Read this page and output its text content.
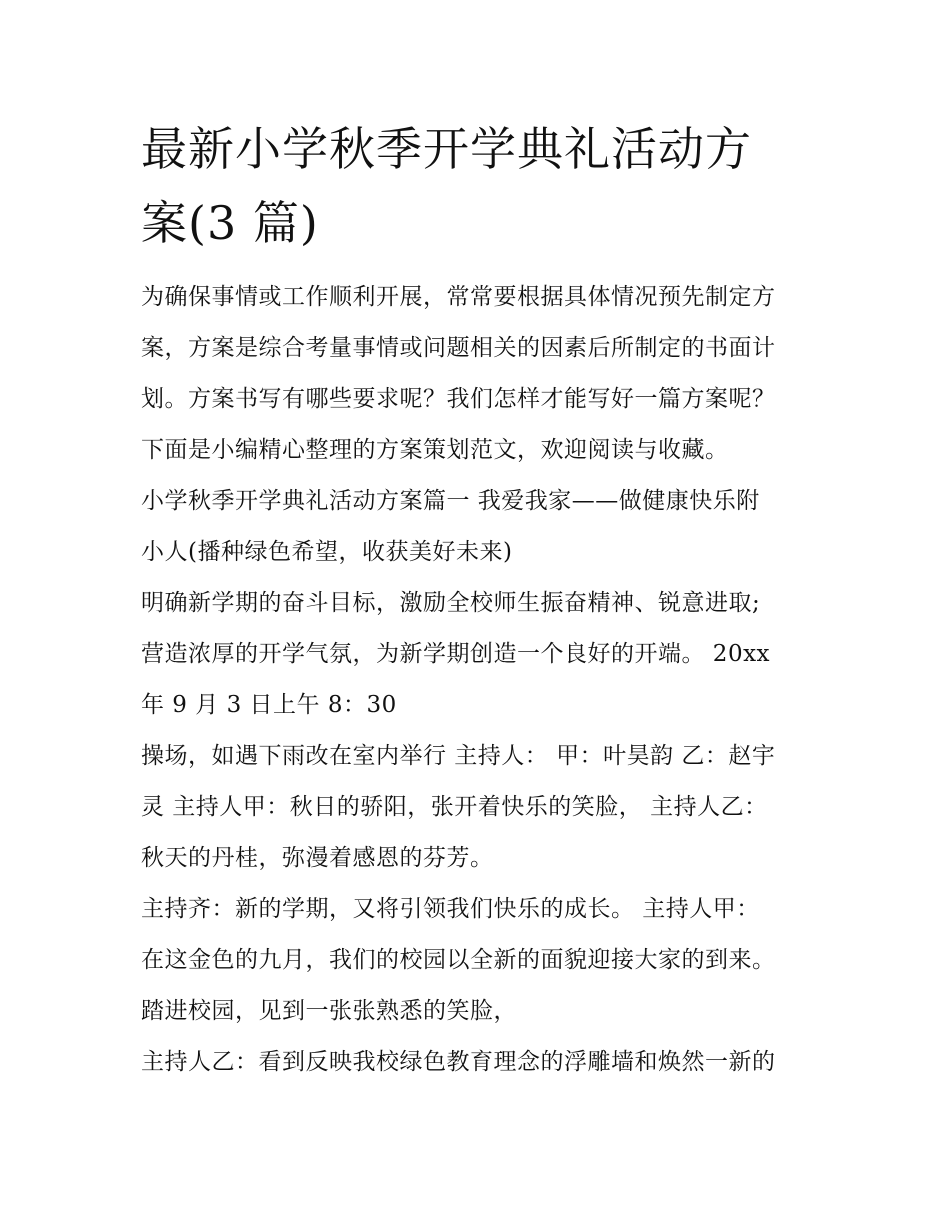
最新小学秋季开学典礼活动方
案(3 篇)

为确保事情或工作顺利开展，常常要根据具体情况预先制定方

案，方案是综合考量事情或问题相关的因素后所制定的书面计

划。方案书写有哪些要求呢？我们怎样才能写好一篇方案呢？

下面是小编精心整理的方案策划范文，欢迎阅读与收藏。

小学秋季开学典礼活动方案篇一 我爱我家——做健康快乐附

小人(播种绿色希望，收获美好未来)

明确新学期的奋斗目标，激励全校师生振奋精神、锐意进取;

营造浓厚的开学气氛，为新学期创造一个良好的开端。 20xx

年 9 月 3 日上午 8：30

操场，如遇下雨改在室内举行 主持人： 甲：叶昊韵 乙：赵宇

灵 主持人甲：秋日的骄阳，张开着快乐的笑脸， 主持人乙：

秋天的丹桂，弥漫着感恩的芬芳。

主持齐：新的学期，又将引领我们快乐的成长。 主持人甲：

在这金色的九月，我们的校园以全新的面貌迎接大家的到来。

踏进校园，见到一张张熟悉的笑脸，

主持人乙：看到反映我校绿色教育理念的浮雕墙和焕然一新的
